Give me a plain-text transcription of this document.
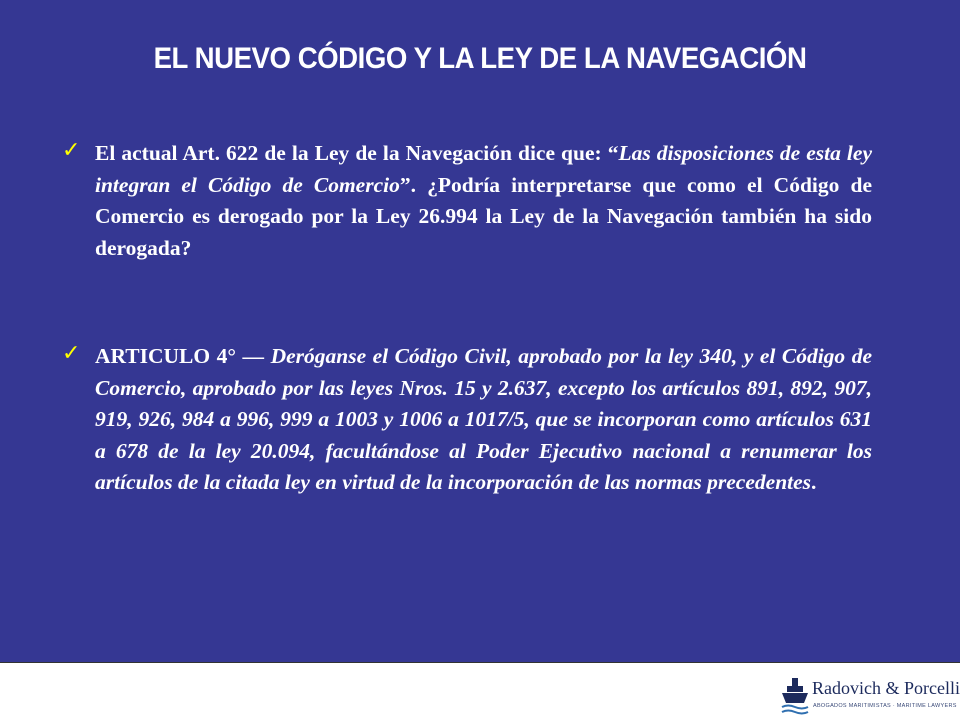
EL NUEVO CÓDIGO Y LA LEY DE LA NAVEGACIÓN
✓ El actual Art. 622 de la Ley de la Navegación dice que: “Las disposiciones de esta ley integran el Código de Comercio”. ¿Podría interpretarse que como el Código de Comercio es derogado por la Ley 26.994 la Ley de la Navegación también ha sido derogada?
✓ ARTICULO 4° — Deróganse el Código Civil, aprobado por la ley 340, y el Código de Comercio, aprobado por las leyes Nros. 15 y 2.637, excepto los artículos 891, 892, 907, 919, 926, 984 a 996, 999 a 1003 y 1006 a 1017/5, que se incorporan como artículos 631 a 678 de la ley 20.094, facultándose al Poder Ejecutivo nacional a renumerar los artículos de la citada ley en virtud de la incorporación de las normas precedentes.
Radovich & Porcelli
ABOGADOS MARITIMISTAS · MARITIME LAWYERS
